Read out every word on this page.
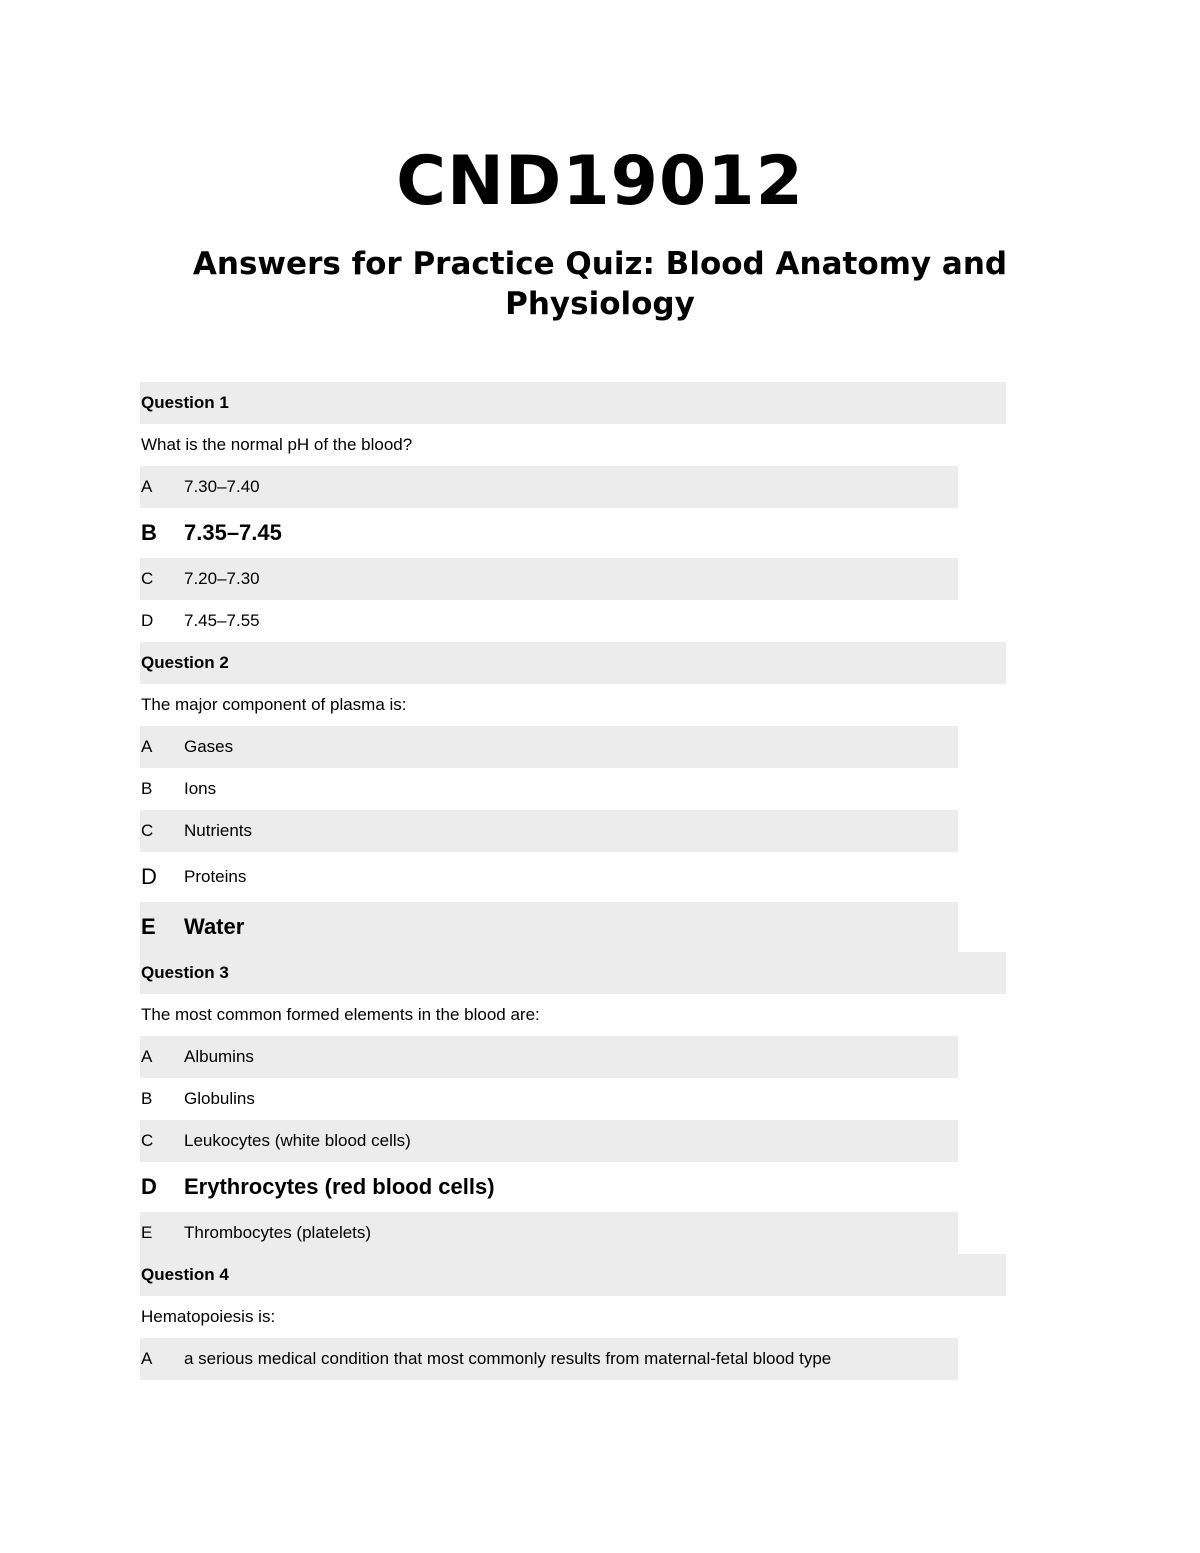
CND19012
Answers for Practice Quiz: Blood Anatomy and Physiology
Question 1
What is the normal pH of the blood?
A	7.30–7.40
B	7.35–7.45
C	7.20–7.30
D	7.45–7.55
Question 2
The major component of plasma is:
A	Gases
B	Ions
C	Nutrients
D	Proteins
E	Water
Question 3
The most common formed elements in the blood are:
A	Albumins
B	Globulins
C	Leukocytes (white blood cells)
D	Erythrocytes (red blood cells)
E	Thrombocytes (platelets)
Question 4
Hematopoiesis is:
A	a serious medical condition that most commonly results from maternal-fetal blood type
